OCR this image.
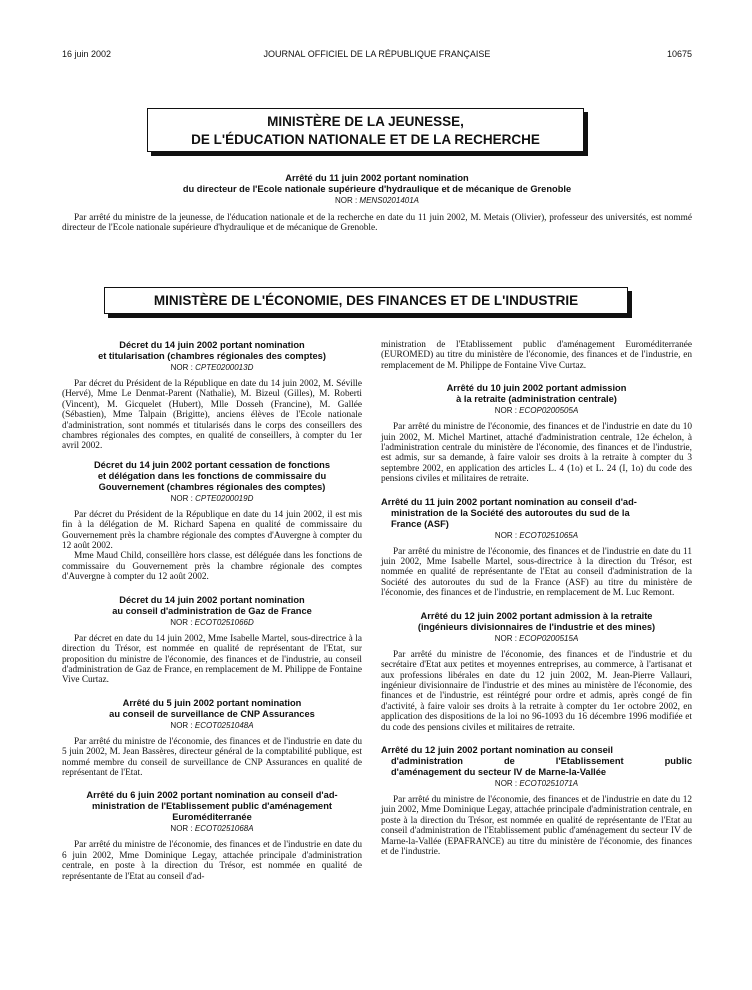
16 juin 2002	JOURNAL OFFICIEL DE LA RÉPUBLIQUE FRANÇAISE	10675
MINISTÈRE DE LA JEUNESSE,
DE L'ÉDUCATION NATIONALE ET DE LA RECHERCHE
Arrêté du 11 juin 2002 portant nomination
du directeur de l'Ecole nationale supérieure d'hydraulique et de mécanique de Grenoble
NOR : MENS0201401A

Par arrêté du ministre de la jeunesse, de l'éducation nationale et de la recherche en date du 11 juin 2002, M. Metais (Olivier), professeur des universités, est nommé directeur de l'Ecole nationale supérieure d'hydraulique et de mécanique de Grenoble.

MINISTÈRE DE L'ÉCONOMIE, DES FINANCES ET DE L'INDUSTRIE
Décret du 14 juin 2002 portant nomination
et titularisation (chambres régionales des comptes)
NOR : CPTE0200013D

Par décret du Président de la République en date du 14 juin 2002, M. Séville (Hervé), Mme Le Denmat-Parent (Nathalie), M. Bizeul (Gilles), M. Roberti (Vincent), M. Gicquelet (Hubert), Mlle Dosseh (Francine), M. Gallée (Sébastien), Mme Talpain (Brigitte), anciens élèves de l'Ecole nationale d'administration, sont nommés et titularisés dans le corps des conseillers des chambres régionales des comptes, en qualité de conseillers, à compter du 1er avril 2002.

Décret du 14 juin 2002 portant cessation de fonctions
et délégation dans les fonctions de commissaire du
Gouvernement (chambres régionales des comptes)
NOR : CPTE0200019D

Par décret du Président de la République en date du 14 juin 2002, il est mis fin à la délégation de M. Richard Sapena en qualité de commissaire du Gouvernement près la chambre régionale des comptes d'Auvergne à compter du 12 août 2002.

Mme Maud Child, conseillère hors classe, est déléguée dans les fonctions de commissaire du Gouvernement près la chambre régionale des comptes d'Auvergne à compter du 12 août 2002.

Décret du 14 juin 2002 portant nomination
au conseil d'administration de Gaz de France
NOR : ECOT0251066D

Par décret en date du 14 juin 2002, Mme Isabelle Martel, sous-directrice à la direction du Trésor, est nommée en qualité de représentant de l'Etat, sur proposition du ministre de l'économie, des finances et de l'industrie, au conseil d'administration de Gaz de France, en remplacement de M. Philippe de Fontaine Vive Curtaz.

Arrêté du 5 juin 2002 portant nomination
au conseil de surveillance de CNP Assurances
NOR : ECOT0251048A

Par arrêté du ministre de l'économie, des finances et de l'industrie en date du 5 juin 2002, M. Jean Bassères, directeur général de la comptabilité publique, est nommé membre du conseil de surveillance de CNP Assurances en qualité de représentant de l'Etat.

Arrêté du 6 juin 2002 portant nomination au conseil d'ad-
ministration de l'Etablissement public d'aménagement
Euroméditerranée
NOR : ECOT0251068A

Par arrêté du ministre de l'économie, des finances et de l'industrie en date du 6 juin 2002, Mme Dominique Legay, attachée principale d'administration centrale, en poste à la direction du Trésor, est nommée en qualité de représentante de l'Etat au conseil d'ad-

ministration de l'Etablissement public d'aménagement Euroméditerranée (EUROMED) au titre du ministère de l'économie, des finances et de l'industrie, en remplacement de M. Philippe de Fontaine Vive Curtaz.

Arrêté du 10 juin 2002 portant admission
à la retraite (administration centrale)
NOR : ECOP0200505A

Par arrêté du ministre de l'économie, des finances et de l'industrie en date du 10 juin 2002, M. Michel Martinet, attaché d'administration centrale, 12e échelon, à l'administration centrale du ministère de l'économie, des finances et de l'industrie, est admis, sur sa demande, à faire valoir ses droits à la retraite à compter du 3 septembre 2002, en application des articles L. 4 (1o) et L. 24 (I, 1o) du code des pensions civiles et militaires de retraite.

Arrêté du 11 juin 2002 portant nomination au conseil d'ad-
ministration de la Société des autoroutes du sud de la
France (ASF)
NOR : ECOT0251065A

Par arrêté du ministre de l'économie, des finances et de l'industrie en date du 11 juin 2002, Mme Isabelle Martel, sous-directrice à la direction du Trésor, est nommée en qualité de représentante de l'Etat au conseil d'administration de la Société des autoroutes du sud de la France (ASF) au titre du ministère de l'économie, des finances et de l'industrie, en remplacement de M. Luc Remont.

Arrêté du 12 juin 2002 portant admission à la retraite
(ingénieurs divisionnaires de l'industrie et des mines)
NOR : ECOP0200515A

Par arrêté du ministre de l'économie, des finances et de l'industrie et du secrétaire d'Etat aux petites et moyennes entreprises, au commerce, à l'artisanat et aux professions libérales en date du 12 juin 2002, M. Jean-Pierre Vallauri, ingénieur divisionnaire de l'industrie et des mines au ministère de l'économie, des finances et de l'industrie, est réintégré pour ordre et admis, après congé de fin d'activité, à faire valoir ses droits à la retraite à compter du 1er octobre 2002, en application des dispositions de la loi no 96-1093 du 16 décembre 1996 modifiée et du code des pensions civiles et militaires de retraite.

Arrêté du 12 juin 2002 portant nomination au conseil
d'administration de l'Etablissement public
d'aménagement du secteur IV de Marne-la-Vallée
NOR : ECOT0251071A

Par arrêté du ministre de l'économie, des finances et de l'industrie en date du 12 juin 2002, Mme Dominique Legay, attachée principale d'administration centrale, en poste à la direction du Trésor, est nommée en qualité de représentante de l'Etat au conseil d'administration de l'Etablissement public d'aménagement du secteur IV de Marne-la-Vallée (EPAFRANCE) au titre du ministère de l'économie, des finances et de l'industrie.
